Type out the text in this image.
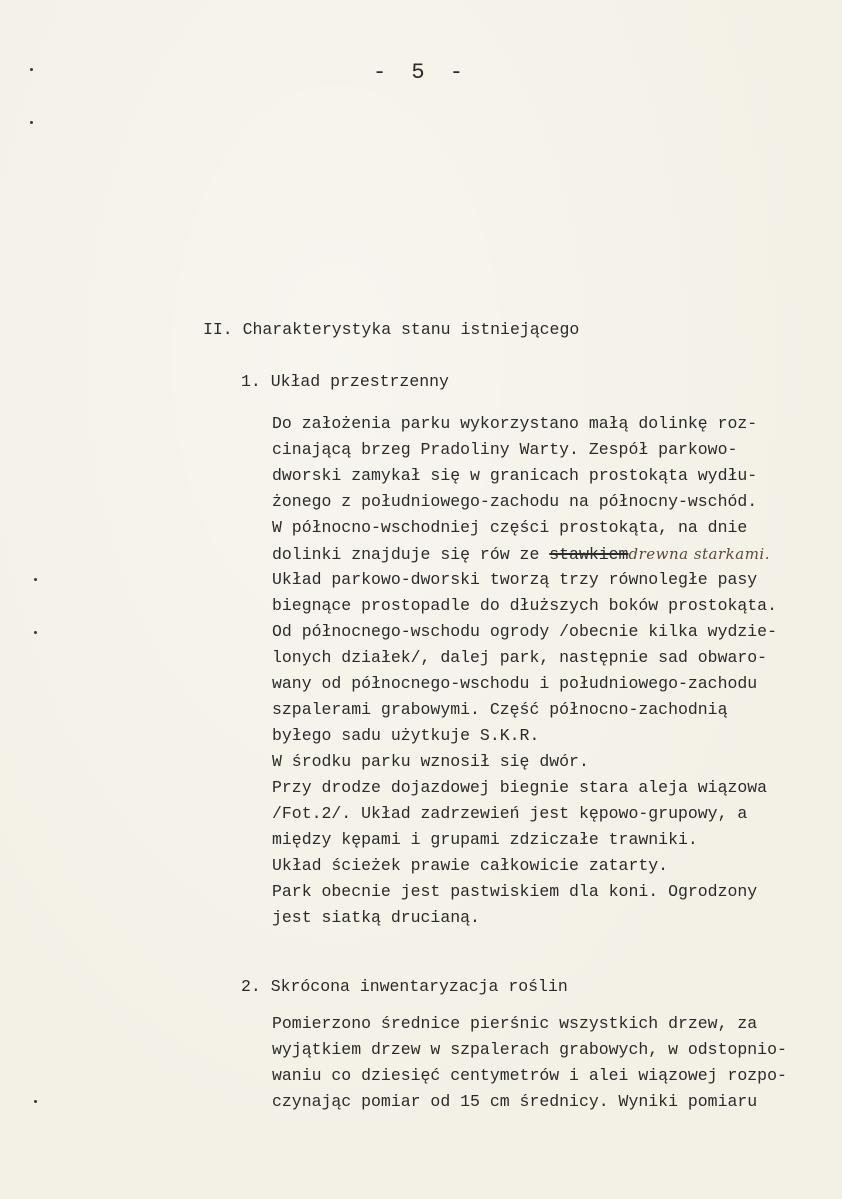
- 5 -
II. Charakterystyka stanu istniejącego
1. Układ przestrzenny
Do założenia parku wykorzystano małą dolinkę roz-
cinającą brzeg Pradoliny Warty. Zespół parkowo-
dworski zamykał się w granicach prostokąta wydłu-
żonego z południowego-zachodu na północny-wschód.
W północno-wschodniej części prostokąta, na dnie
dolinki znajduje się rów ze stawkiemdrewna starkami.
Układ parkowo-dworski tworzą trzy równoległe pasy
biegnące prostopadle do dłuższych boków prostokąta.
Od północnego-wschodu ogrody /obecnie kilka wydzie-
lonych działek/, dalej park, następnie sad obwaro-
wany od północnego-wschodu i południowego-zachodu
szpalerami grabowymi. Część północno-zachodnią
byłego sadu użytkuje S.K.R.
W środku parku wznosił się dwór.
Przy drodze dojazdowej biegnie stara aleja wiązowa
/Fot.2/. Układ zadrzewień jest kępowo-grupowy, a
między kępami i grupami zdziczałe trawniki.
Układ ścieżek prawie całkowicie zatarty.
Park obecnie jest pastwiskiem dla koni. Ogrodzony
jest siatką drucianą.
2. Skrócona inwentaryzacja roślin
Pomierzono średnice pierśnic wszystkich drzew, za
wyjątkiem drzew w szpalerach grabowych, w odstopnio-
waniu co dziesięć centymetrów i alei wiązowej rozpo-
czynając pomiar od 15 cm średnicy. Wyniki pomiaru
